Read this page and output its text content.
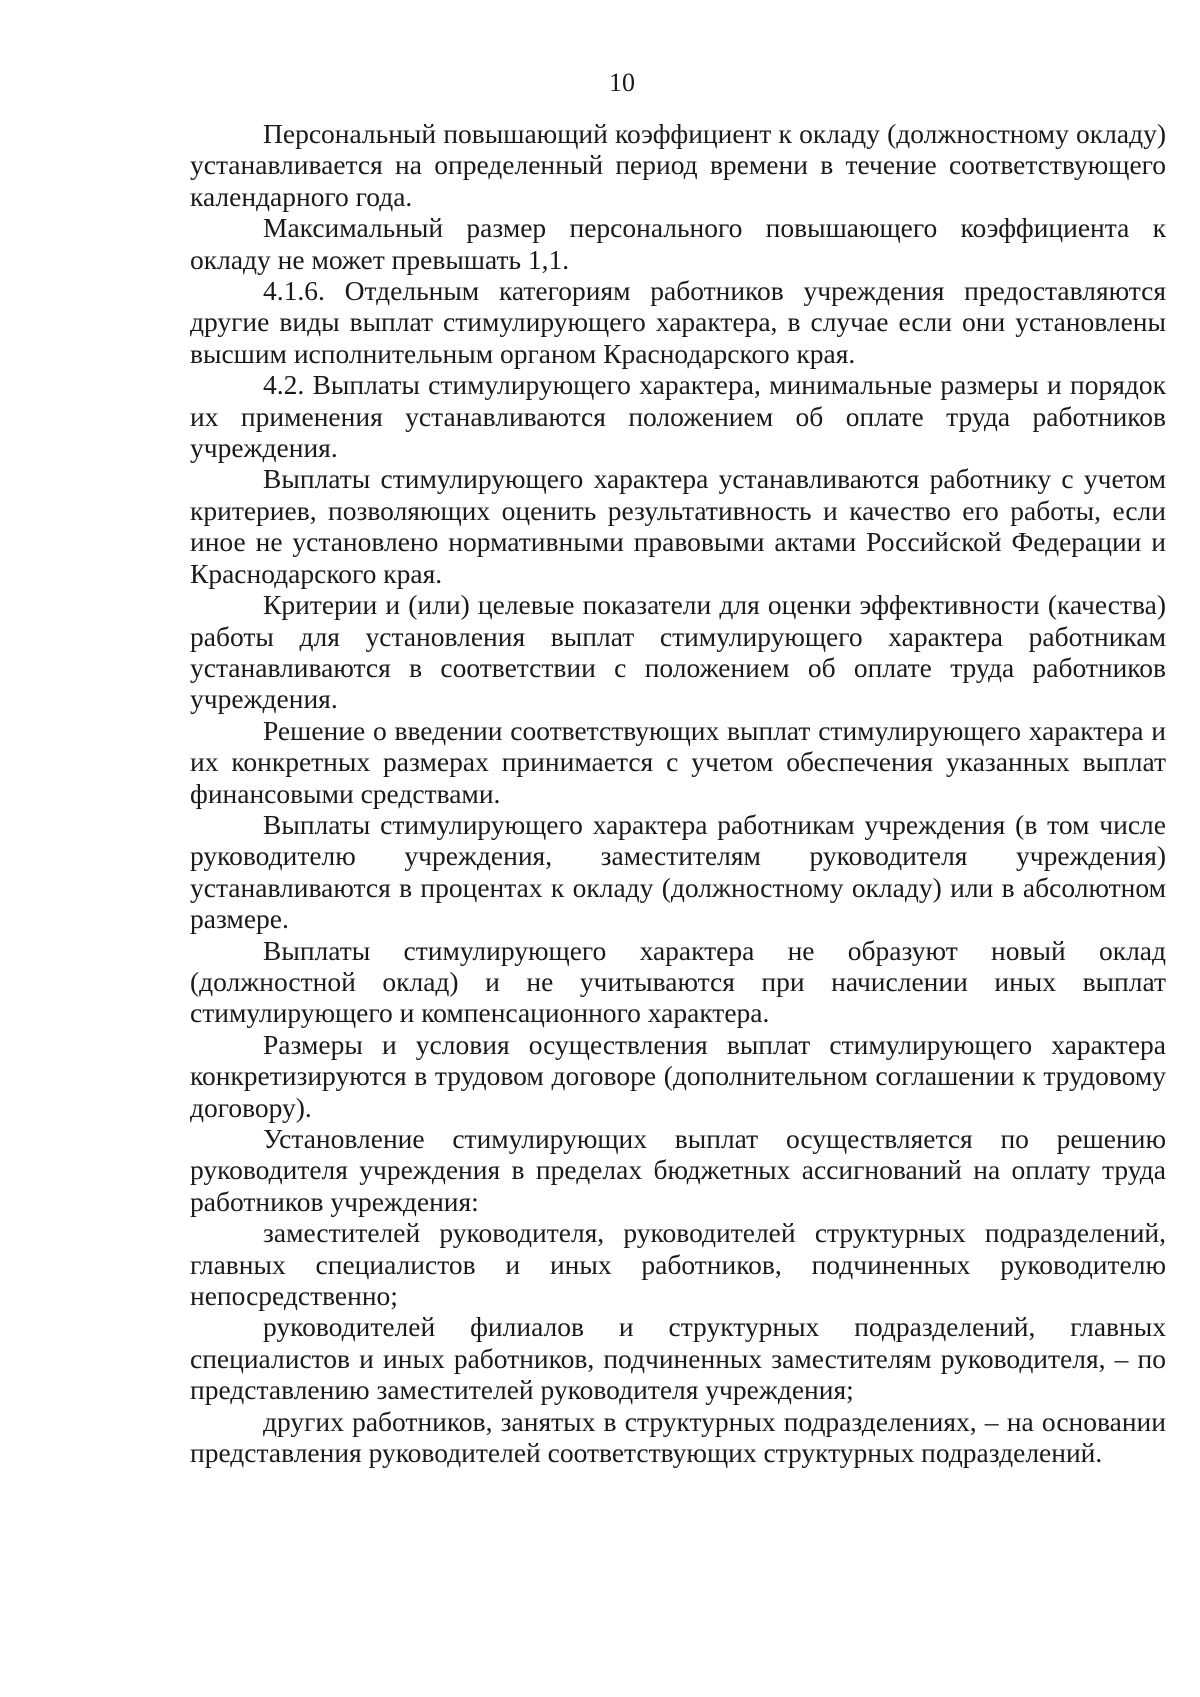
10

Персональный повышающий коэффициент к окладу (должностному окладу) устанавливается на определенный период времени в течение соответствующего календарного года.

Максимальный размер персонального повышающего коэффициента к окладу не может превышать 1,1.

4.1.6. Отдельным категориям работников учреждения предоставляются другие виды выплат стимулирующего характера, в случае если они установлены высшим исполнительным органом Краснодарского края.

4.2. Выплаты стимулирующего характера, минимальные размеры и порядок их применения устанавливаются положением об оплате труда работников учреждения.

Выплаты стимулирующего характера устанавливаются работнику с учетом критериев, позволяющих оценить результативность и качество его работы, если иное не установлено нормативными правовыми актами Российской Федерации и Краснодарского края.

Критерии и (или) целевые показатели для оценки эффективности (качества) работы для установления выплат стимулирующего характера работникам устанавливаются в соответствии с положением об оплате труда работников учреждения.

Решение о введении соответствующих выплат стимулирующего характера и их конкретных размерах принимается с учетом обеспечения указанных выплат финансовыми средствами.

Выплаты стимулирующего характера работникам учреждения (в том числе руководителю учреждения, заместителям руководителя учреждения) устанавливаются в процентах к окладу (должностному окладу) или в абсолютном размере.

Выплаты стимулирующего характера не образуют новый оклад (должностной оклад) и не учитываются при начислении иных выплат стимулирующего и компенсационного характера.

Размеры и условия осуществления выплат стимулирующего характера конкретизируются в трудовом договоре (дополнительном соглашении к трудовому договору).

Установление стимулирующих выплат осуществляется по решению руководителя учреждения в пределах бюджетных ассигнований на оплату труда работников учреждения:

заместителей руководителя, руководителей структурных подразделений, главных специалистов и иных работников, подчиненных руководителю непосредственно;

руководителей филиалов и структурных подразделений, главных специалистов и иных работников, подчиненных заместителям руководителя, – по представлению заместителей руководителя учреждения;

других работников, занятых в структурных подразделениях, – на основании представления руководителей соответствующих структурных подразделений.
